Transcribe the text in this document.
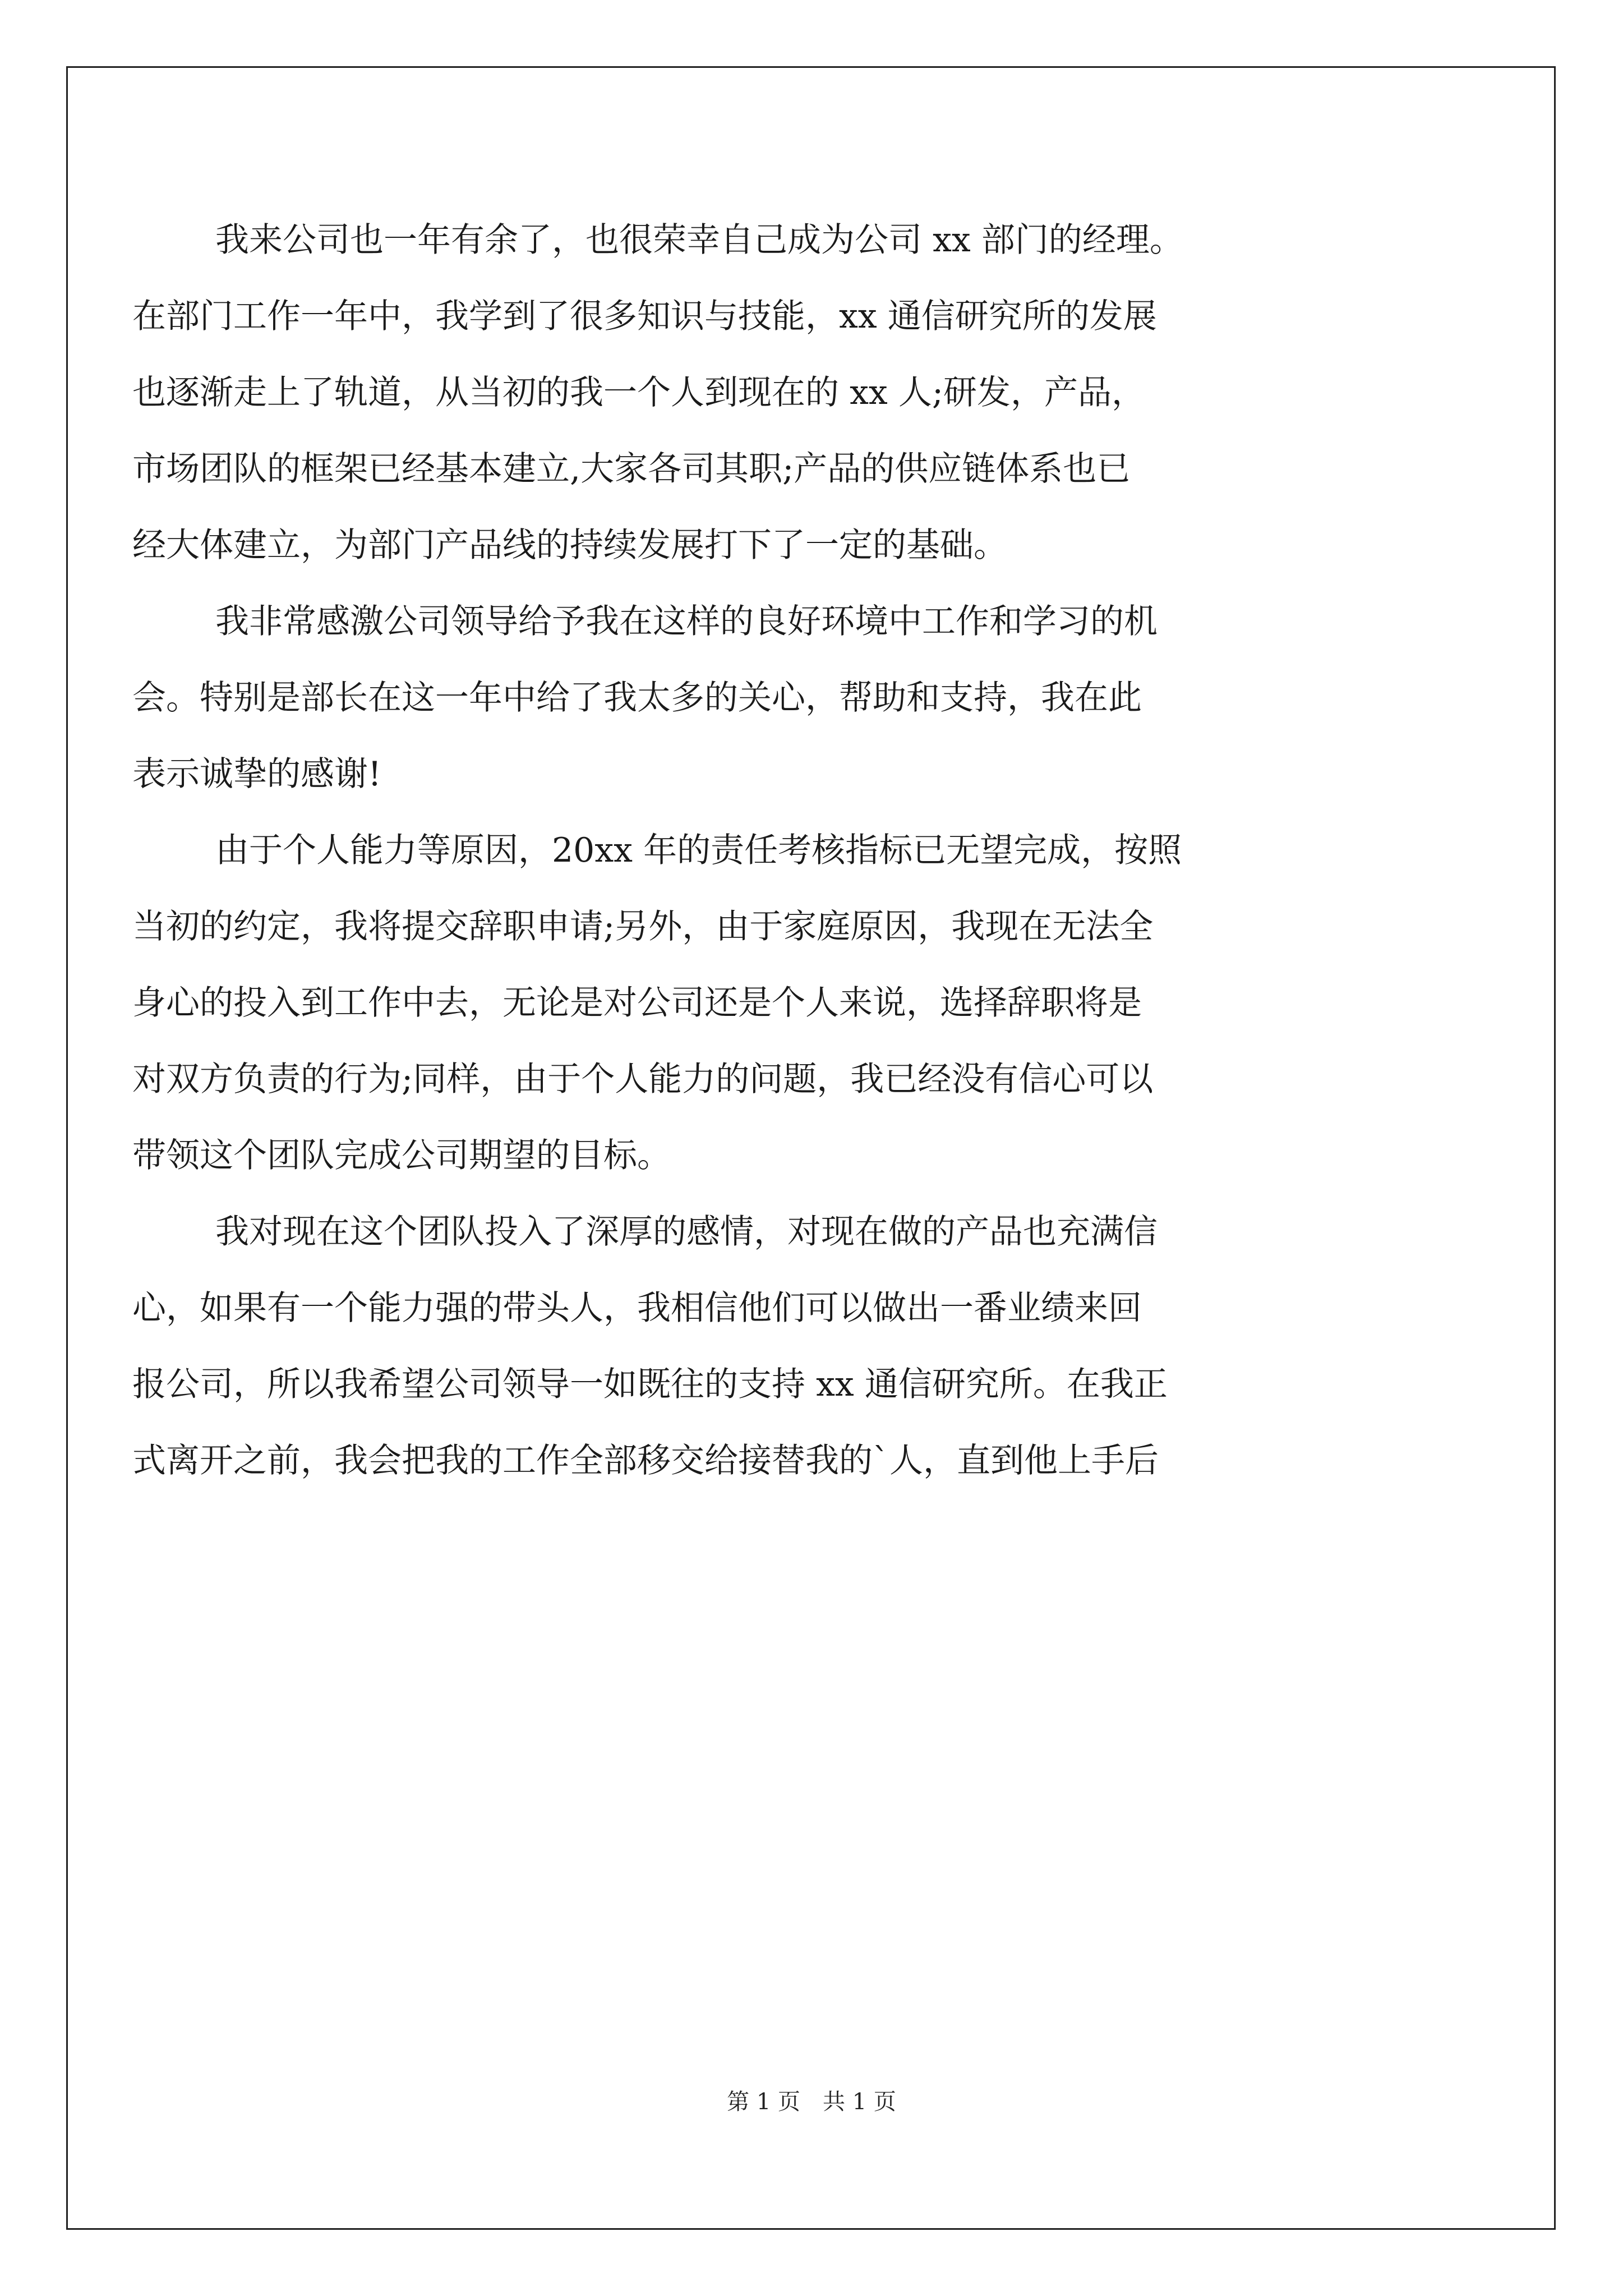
我来公司也一年有余了，也很荣幸自己成为公司 xx 部门的经理。
在部门工作一年中，我学到了很多知识与技能，xx 通信研究所的发展
也逐渐走上了轨道，从当初的我一个人到现在的 xx 人;研发，产品，
市场团队的框架已经基本建立,大家各司其职;产品的供应链体系也已
经大体建立，为部门产品线的持续发展打下了一定的基础。
我非常感激公司领导给予我在这样的良好环境中工作和学习的机
会。特别是部长在这一年中给了我太多的关心，帮助和支持，我在此
表示诚挚的感谢!
由于个人能力等原因，20xx 年的责任考核指标已无望完成，按照
当初的约定，我将提交辞职申请;另外，由于家庭原因，我现在无法全
身心的投入到工作中去，无论是对公司还是个人来说，选择辞职将是
对双方负责的行为;同样，由于个人能力的问题，我已经没有信心可以
带领这个团队完成公司期望的目标。
我对现在这个团队投入了深厚的感情，对现在做的产品也充满信
心，如果有一个能力强的带头人，我相信他们可以做出一番业绩来回
报公司，所以我希望公司领导一如既往的支持 xx 通信研究所。在我正
式离开之前，我会把我的工作全部移交给接替我的`人，直到他上手后
第 1 页　共 1 页
